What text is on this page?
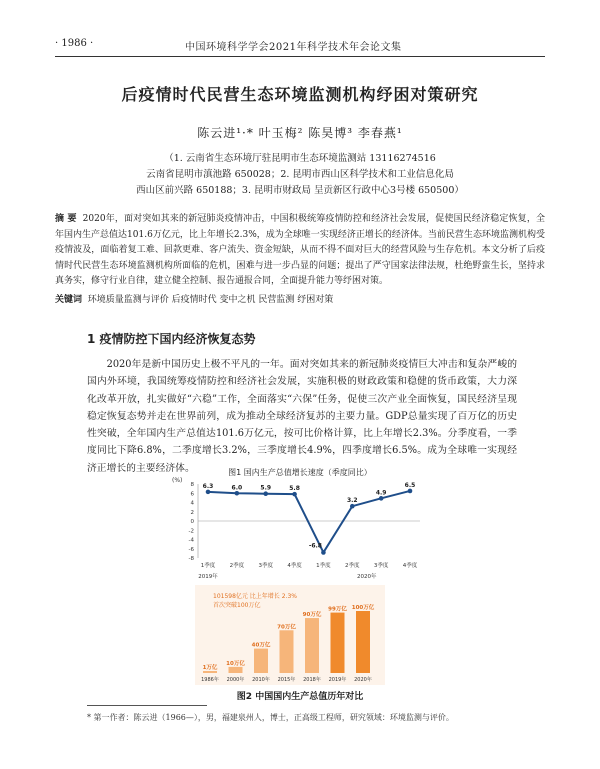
· 1986 ·	中国环境科学学会2021年科学技术年会论文集
后疫情时代民营生态环境监测机构纾困对策研究
陈云进¹·* 叶玉梅² 陈昊博³ 李春燕¹
（1. 云南省生态环境厅驻昆明市生态环境监测站 13116274516
云南省昆明市滇池路 650028；2. 昆明市西山区科学技术和工业信息化局
西山区前兴路 650188；3. 昆明市财政局 呈贡新区行政中心3号楼 650500）
摘 要 2020年，面对突如其来的新冠肺炎疫情冲击，中国积极统筹疫情防控和经济社会发展，促使国民经济稳定恢复，全年国内生产总值达101.6万亿元，比上年增长2.3%，成为全球唯一实现经济正增长的经济体。当前民营生态环境监测机构受疫情波及，面临着复工难、回款更难、客户流失、资金短缺，从而不得不面对巨大的经营风险与生存危机。本文分析了后疫情时代民营生态环境监测机构所面临的危机，困难与进一步凸显的问题；提出了严守国家法律法规，杜绝野蛮生长，坚持求真务实，修守行业自律，建立健全控制、报告通报合同，全面提升能力等纾困对策。
关键词 环境质量监测与评价 后疫情时代 变中之机 民营监测 纾困对策
1 疫情防控下国内经济恢复态势
2020年是新中国历史上极不平凡的一年。面对突如其来的新冠肺炎疫情巨大冲击和复杂严峻的国内外环境，我国统筹疫情防控和经济社会发展，实施积极的财政政策和稳健的货币政策，大力深化改革开放，扎实做好“六稳”工作，全面落实“六保”任务，促使三次产业全面恢复，国民经济呈现稳定恢复态势并走在世界前列，成为推动全球经济复苏的主要力量。GDP总量实现了百万亿的历史性突破，全年国内生产总值达101.6万亿元，按可比价格计算，比上年增长2.3%。分季度看，一季度同比下降6.8%，二季度增长3.2%，三季度增长4.9%，四季度增长6.5%。成为全球唯一实现经济正增长的主要经济体。	图1 国内生产总值增长速度（季度同比）
(%)
8
6
4
2
0
-2
-4
-6
-8
6.3
1季度
6.0
2季度
5.9
3季度
5.8
4季度
-6.8
1季度
3.2
2季度
4.9
3季度
6.5
4季度
2019年	2020年
1万亿
1986年
10万亿
2000年
40万亿
2010年
70万亿
2015年
90万亿
2018年
99万亿
2019年
100万亿
2020年
101598亿元 比上年增长 2.3%
首次突破100万亿
图2 中国国内生产总值历年对比
* 第一作者：陈云进（1966—），男，福建泉州人，博士，正高级工程师，研究领域：环境监测与评价。
